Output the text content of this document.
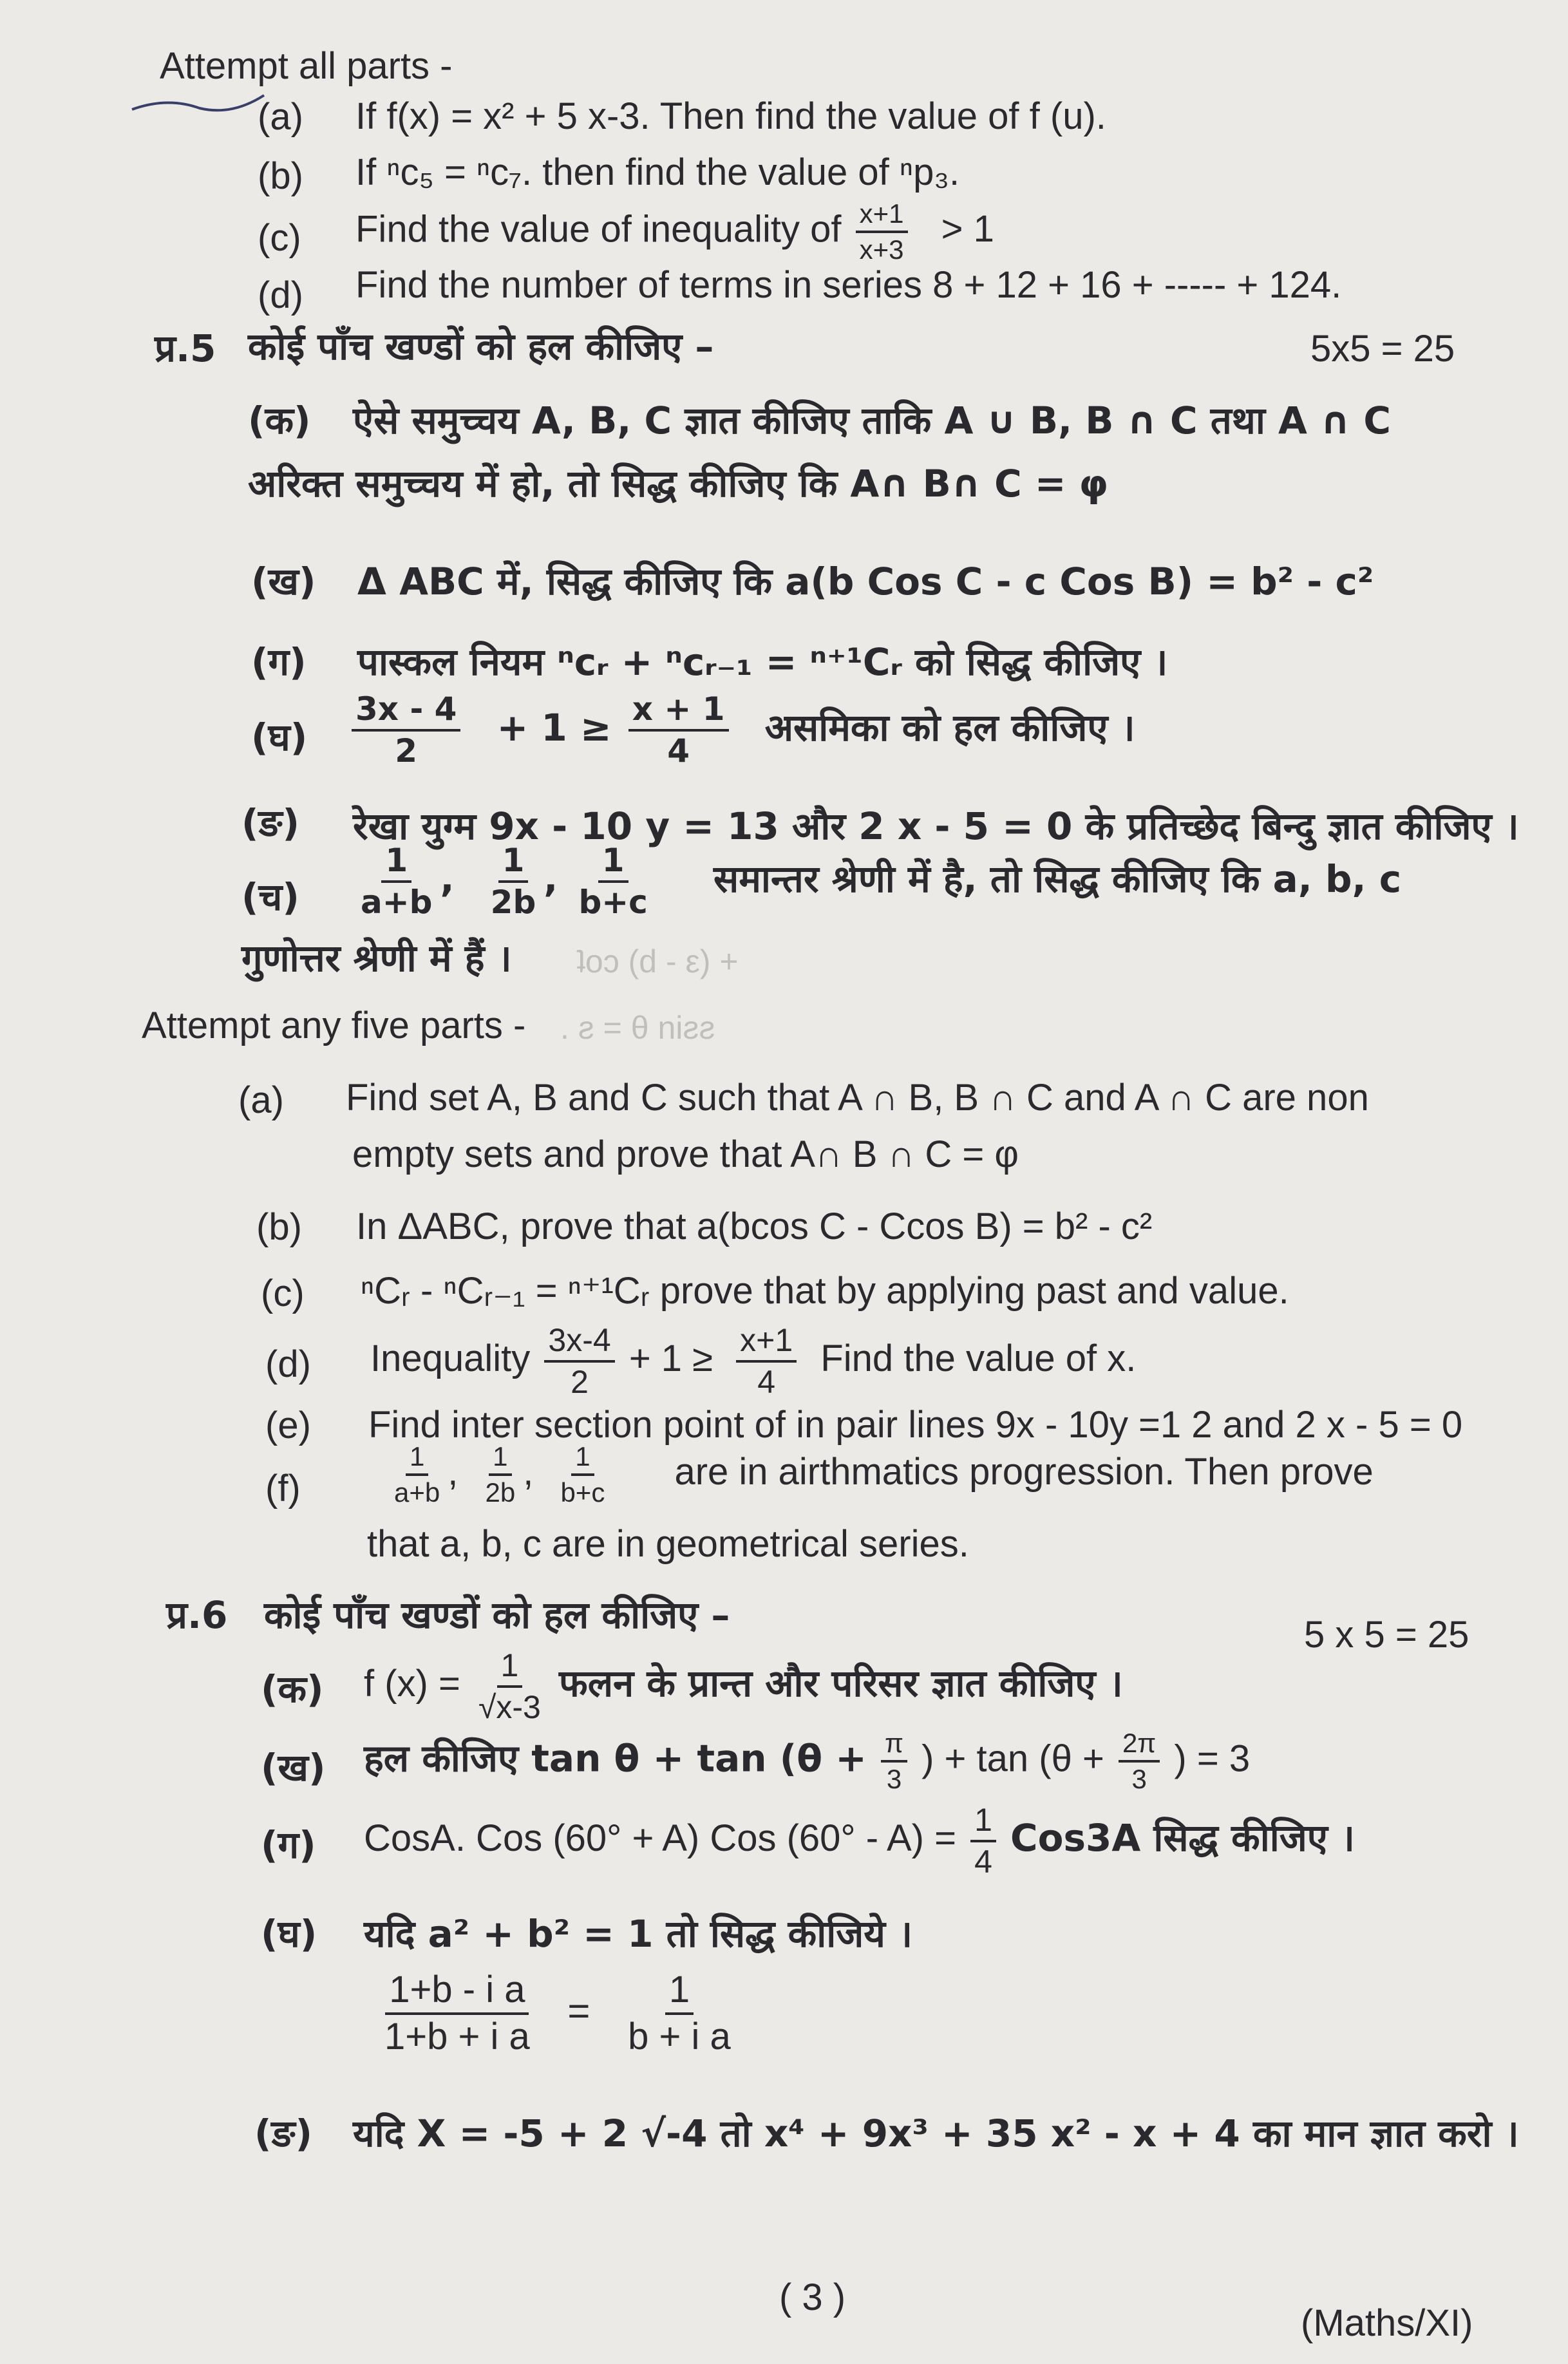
Attempt all parts -
(a) If f(x) = x² + 5 x-3. Then find the value of f (u).
(b) If ⁿc₅ = ⁿc₇. then find the value of ⁿp₃.
(c) Find the value of inequality of $\frac{x+1}{x+3} > 1$
(d) Find the number of terms in series 8 + 12 + 16 + ----- + 124.
प्र.5 कोई पाँच खण्डों को हल कीजिए –	5x5 = 25
(क) ऐसे समुच्चय A, B, C ज्ञात कीजिए ताकि A ∪ B, B ∩ C तथा A ∩ C
अरिक्त समुच्चय में हो, तो सिद्ध कीजिए कि A∩ B∩ C = φ
(ख) Δ ABC में, सिद्ध कीजिए कि a(b Cos C - c Cos B) = b² - c²
(ग) पास्कल नियम ⁿcᵣ + ⁿcᵣ₋₁ = ⁿ⁺¹Cᵣ को सिद्ध कीजिए ।
(घ) $\frac{3x - 4}{2} + 1 \ge \frac{x + 1}{4}$ असमिका को हल कीजिए ।
(ङ) रेखा युग्म 9x - 10 y = 13 और 2 x - 5 = 0 के प्रतिच्छेद बिन्दु ज्ञात कीजिए ।
(च) $\frac{1}{a+b}$ , $\frac{1}{2b}$ , $\frac{1}{b+c}$ समान्तर श्रेणी में है, तो सिद्ध कीजिए कि a, b, c
गुणोत्तर श्रेणी में हैं । ʇoɔ (d - ε) +
Attempt any five parts - . ƨ = θ niƨƨ
(a) Find set A, B and C such that A ∩ B, B ∩ C and A ∩ C are non
empty sets and prove that A∩ B ∩ C = φ
(b) In ΔABC, prove that a(bcos C - Ccos B) = b² - c²
(c) ⁿCᵣ - ⁿCᵣ₋₁ = ⁿ⁺¹Cᵣ prove that by applying past and value.
(d) Inequality $\frac{3x-4}{2} + 1 \ge \frac{x+1}{4}$ Find the value of x.
(e) Find inter section point of in pair lines 9x - 10y =1 2 and 2 x - 5 = 0
(f)	$\frac{1}{a+b}$ , $\frac{1}{2b}$ , $\frac{1}{b+c}$ are in airthmatics progression. Then prove
that a, b, c are in geometrical series.
प्र.6 कोई पाँच खण्डों को हल कीजिए –	5 x 5 = 25
(क) f $(x) = \frac{1}{√x-3}$ फलन के प्रान्त और परिसर ज्ञात कीजिए ।
(ख) हल कीजिए $\tan \theta + \tan (\theta + \frac{\pi}{3}$ ) + $\tan (\theta + \frac{2\pi}{3}$ ) = 3
(ग) CosA. Cos (60° + A) Cos $(60^\circ - A) = \frac{1}{4} Cos3A$ सिद्ध कीजिए ।
(घ) यदि a² + b² = 1 तो सिद्ध कीजिये ।
$\frac{\text{1+b - i a}}{\text{1+b + i a}} = \frac{1}{\text{b + i a}}$
(ङ) यदि X = -5 + 2 √-4 तो x⁴ + 9x³ + 35 x² - x + 4 का मान ज्ञात करो ।
( 3 )
(Maths/XI)
